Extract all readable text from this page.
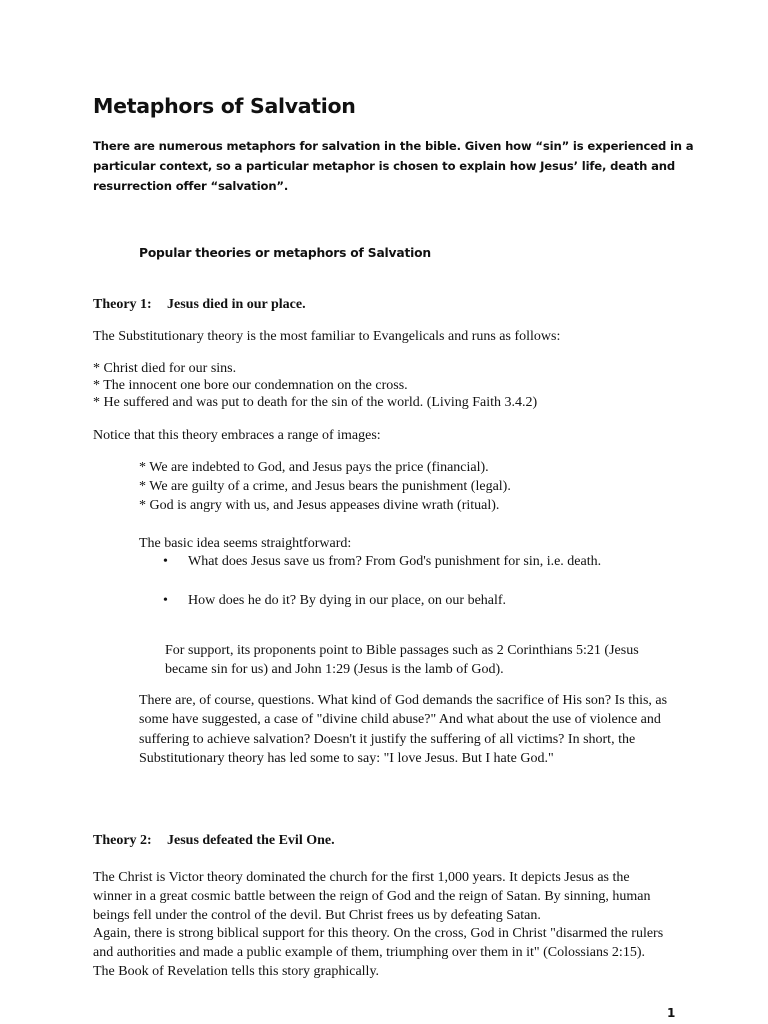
Metaphors of Salvation
There are numerous metaphors for salvation in the bible. Given how “sin” is experienced in a
particular context, so a particular metaphor is chosen to explain how Jesus’ life, death and
resurrection offer “salvation”.
Popular theories or metaphors of Salvation
Theory 1: Jesus died in our place.
The Substitutionary theory is the most familiar to Evangelicals and runs as follows:
* Christ died for our sins.
* The innocent one bore our condemnation on the cross.
* He suffered and was put to death for the sin of the world. (Living Faith 3.4.2)
Notice that this theory embraces a range of images:
* We are indebted to God, and Jesus pays the price (financial).
* We are guilty of a crime, and Jesus bears the punishment (legal).
* God is angry with us, and Jesus appeases divine wrath (ritual).
The basic idea seems straightforward:
• What does Jesus save us from? From God's punishment for sin, i.e. death.
• How does he do it? By dying in our place, on our behalf.
For support, its proponents point to Bible passages such as 2 Corinthians 5:21 (Jesus
became sin for us) and John 1:29 (Jesus is the lamb of God).
There are, of course, questions. What kind of God demands the sacrifice of His son? Is this, as
some have suggested, a case of "divine child abuse?" And what about the use of violence and
suffering to achieve salvation? Doesn't it justify the suffering of all victims? In short, the
Substitutionary theory has led some to say: "I love Jesus. But I hate God."
Theory 2: Jesus defeated the Evil One.
The Christ is Victor theory dominated the church for the first 1,000 years. It depicts Jesus as the
winner in a great cosmic battle between the reign of God and the reign of Satan. By sinning, human
beings fell under the control of the devil. But Christ frees us by defeating Satan.
Again, there is strong biblical support for this theory. On the cross, God in Christ "disarmed the rulers
and authorities and made a public example of them, triumphing over them in it" (Colossians 2:15).
The Book of Revelation tells this story graphically.
1
